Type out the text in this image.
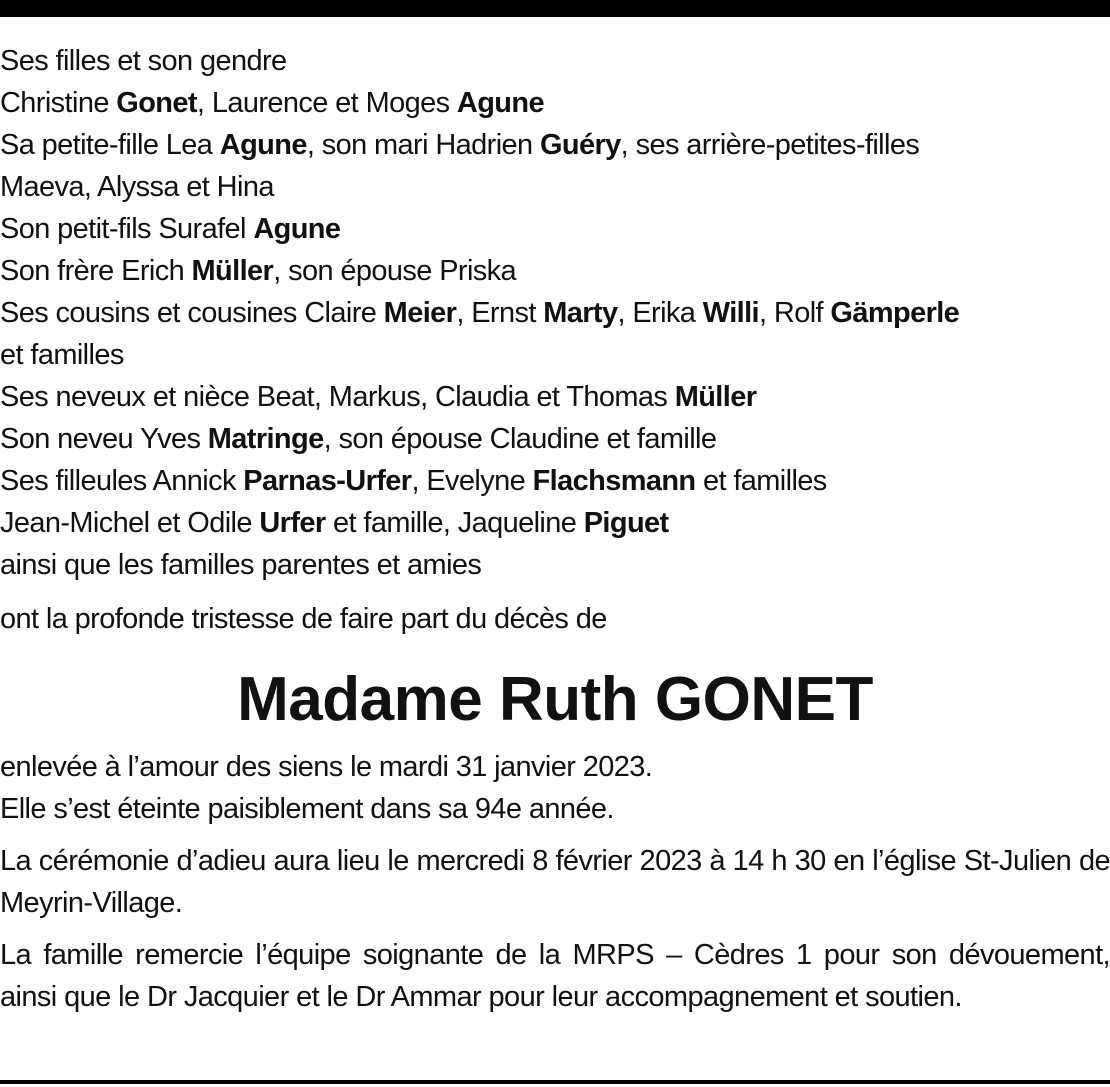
Ses filles et son gendre
Christine Gonet, Laurence et Moges Agune
Sa petite-fille Lea Agune, son mari Hadrien Guéry, ses arrière-petites-filles
Maeva, Alyssa et Hina
Son petit-fils Surafel Agune
Son frère Erich Müller, son épouse Priska
Ses cousins et cousines Claire Meier, Ernst Marty, Erika Willi, Rolf Gämperle
et familles
Ses neveux et nièce Beat, Markus, Claudia et Thomas Müller
Son neveu Yves Matringe, son épouse Claudine et famille
Ses filleules Annick Parnas-Urfer, Evelyne Flachsmann et familles
Jean-Michel et Odile Urfer et famille, Jaqueline Piguet
ainsi que les familles parentes et amies
ont la profonde tristesse de faire part du décès de
Madame Ruth GONET
enlevée à l’amour des siens le mardi 31 janvier 2023.
Elle s’est éteinte paisiblement dans sa 94e année.
La cérémonie d’adieu aura lieu le mercredi 8 février 2023 à 14 h 30 en l’église St-Julien de Meyrin-Village.
La famille remercie l’équipe soignante de la MRPS – Cèdres 1 pour son dévouement, ainsi que le Dr Jacquier et le Dr Ammar pour leur accompagnement et soutien.
